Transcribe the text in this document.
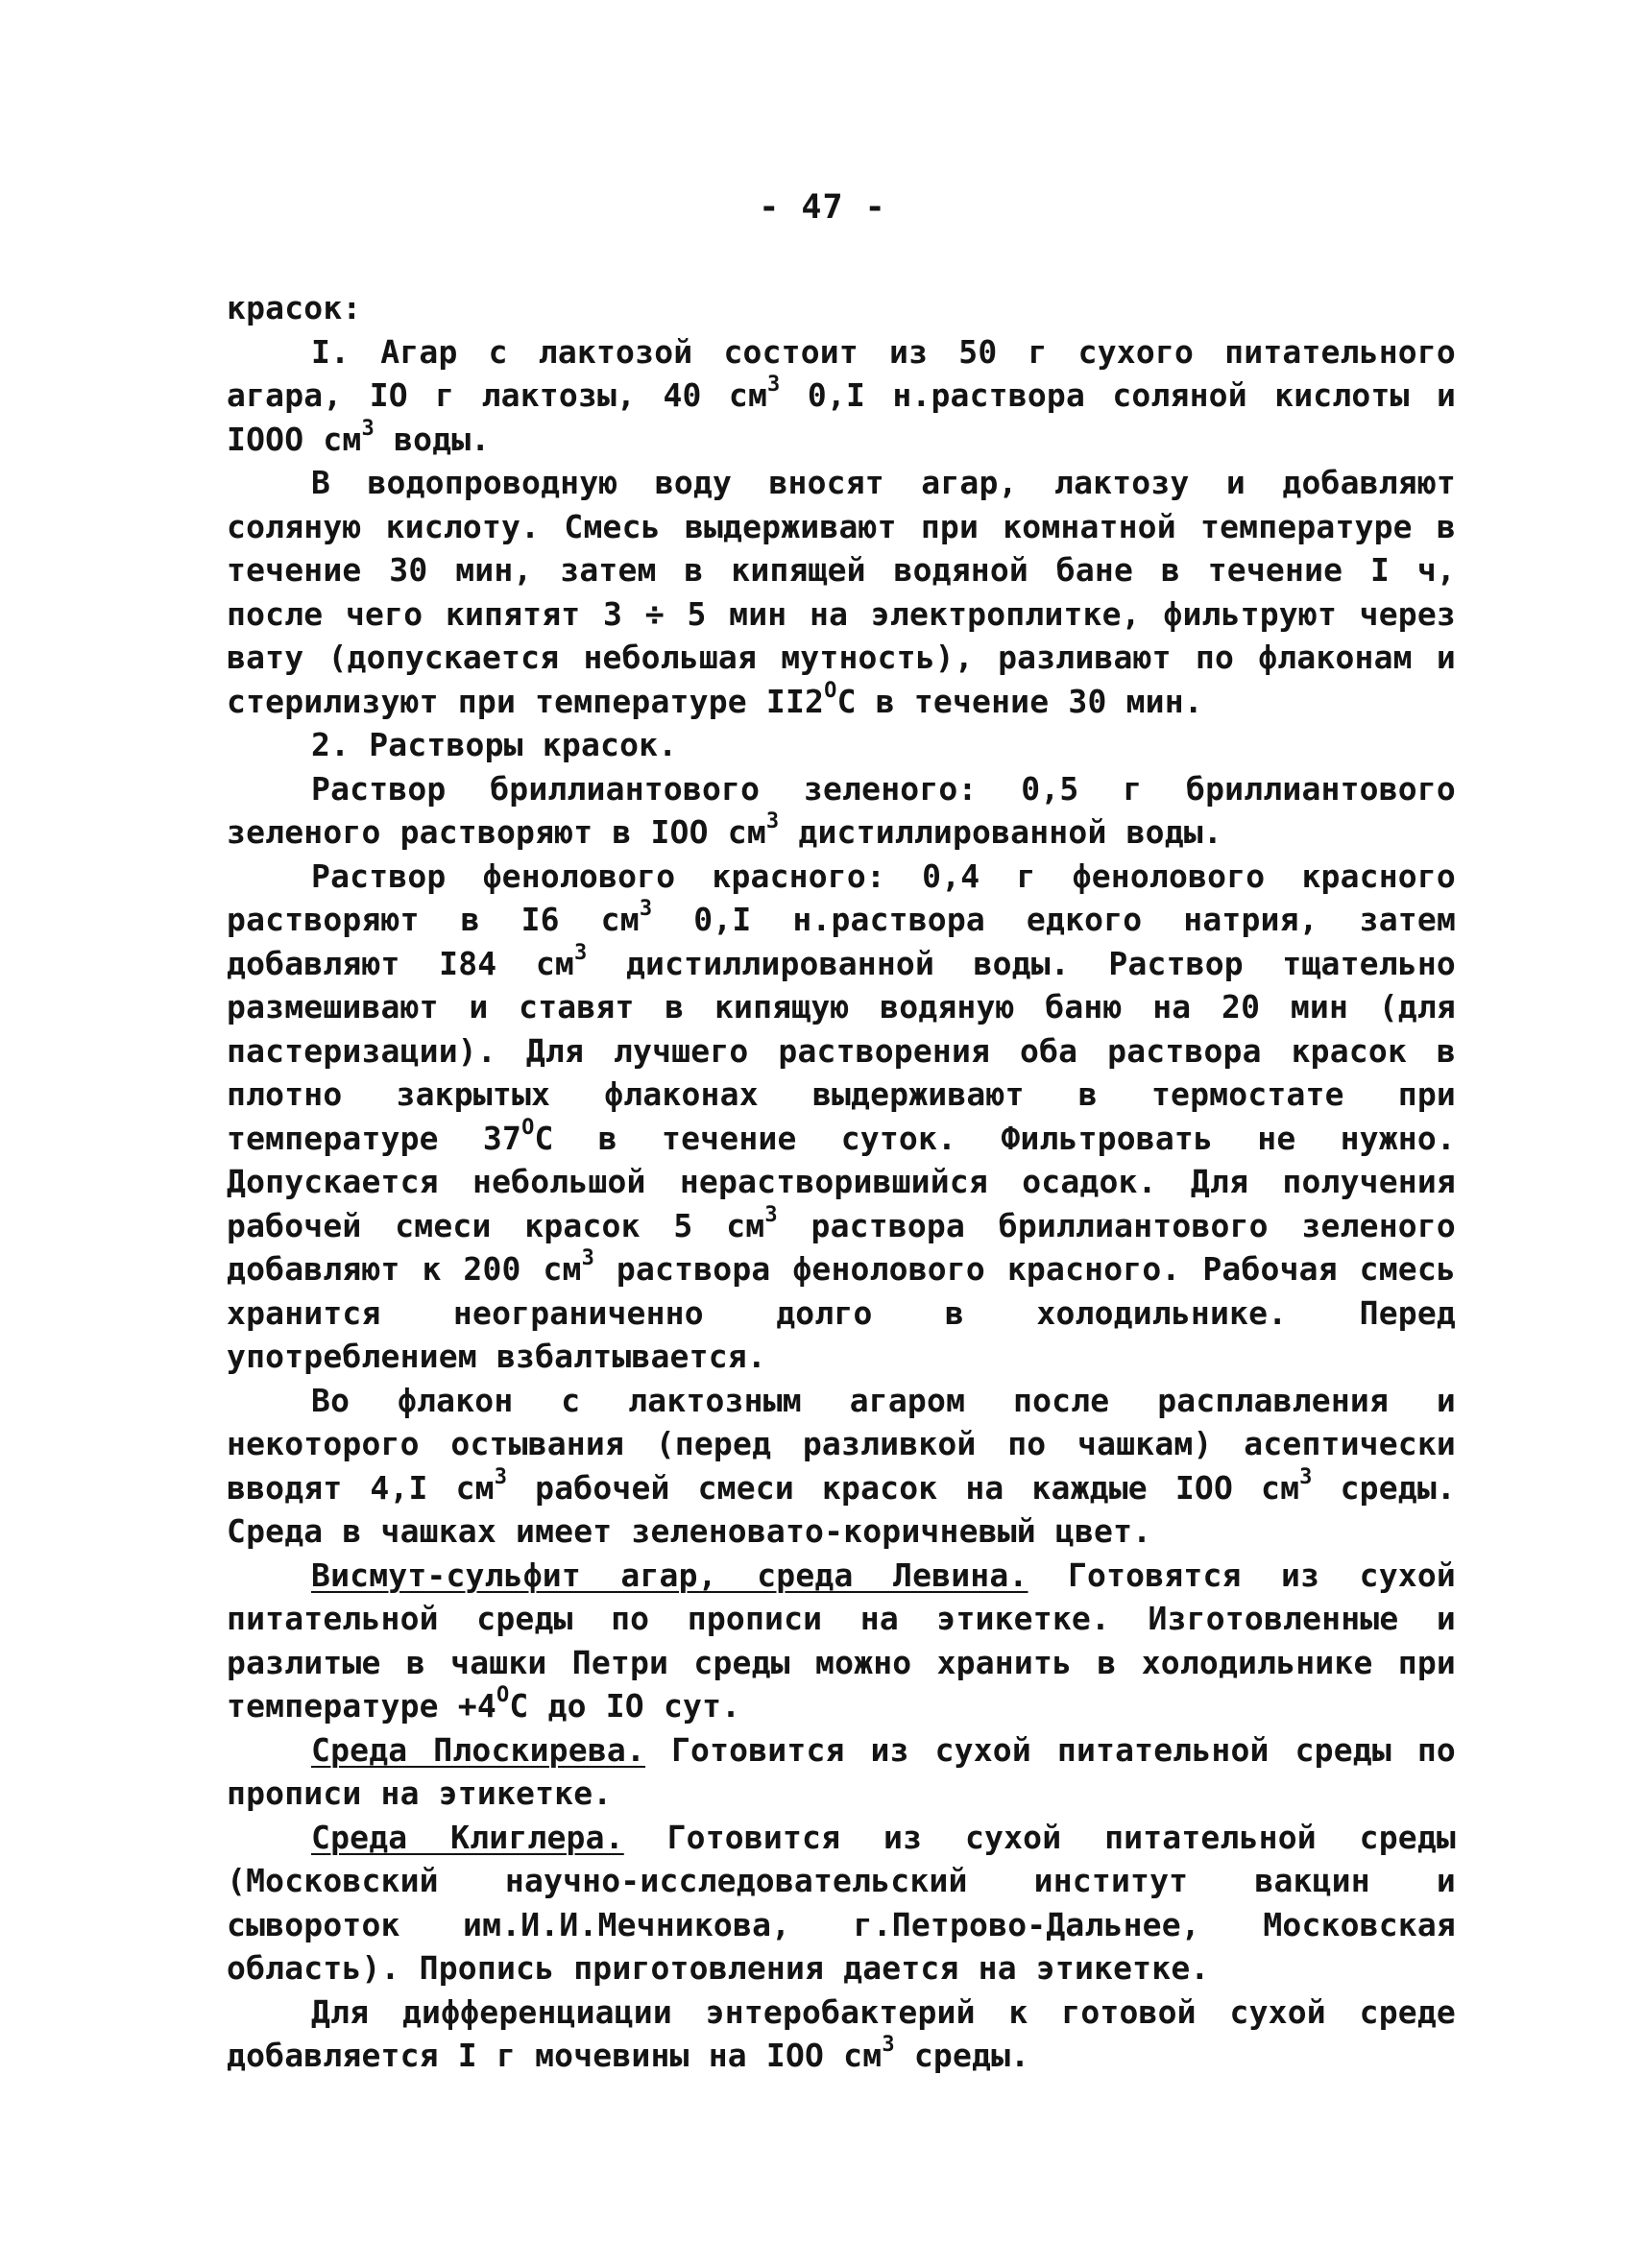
- 47 -

красок:

I. Агар с лактозой состоит из 50 г сухого питательного агара, IO г лактозы, 40 $см^3$ 0,I н.раствора соляной кислоты и IOOO $см^3$ воды.

В водопроводную воду вносят агар, лактозу и добавляют соляную кислоту. Смесь выдерживают при комнатной температуре в течение 30 мин, затем в кипящей водяной бане в течение I ч, после чего кипятят 3 ÷ 5 мин на электроплитке, фильтруют через вату (допускается небольшая мутность), разливают по флаконам и стерилизуют при температуре $II2^OС$ в течение 30 мин.

2. Растворы красок.

Раствор бриллиантового зеленого: 0,5 г бриллиантового зеленого растворяют в IOO $см^3$ дистиллированной воды.

Раствор фенолового красного: 0,4 г фенолового красного растворяют в I6 $см^3$ 0,I н.раствора едкого натрия, затем добавляют I84 $см^3$ дистиллированной воды. Раствор тщательно размешивают и ставят в кипящую водяную баню на 20 мин (для пастеризации). Для лучшего растворения оба раствора красок в плотно закрытых флаконах выдерживают в термостате при температуре $37^OС$ в течение суток. Фильтровать не нужно. Допускается небольшой нерастворившийся осадок. Для получения рабочей смеси красок 5 $см^3$ раствора бриллиантового зеленого добавляют к 200 $см^3$ раствора фенолового красного. Рабочая смесь хранится неограниченно долго в холодильнике. Перед употреблением взбалтывается.

Во флакон с лактозным агаром после расплавления и некоторого остывания (перед разливкой по чашкам) асептически вводят 4,I $см^3$ рабочей смеси красок на каждые IOO $см^3$ среды. Среда в чашках имеет зеленовато-коричневый цвет.

Висмут-сульфит агар, среда Левина. Готовятся из сухой питательной среды по прописи на этикетке. Изготовленные и разлитые в чашки Петри среды можно хранить в холодильнике при температуре $+4^OС$ до IO сут.

Среда Плоскирева. Готовится из сухой питательной среды по прописи на этикетке.

Среда Клиглера. Готовится из сухой питательной среды (Московский научно-исследовательский институт вакцин и сывороток им.И.И.Мечникова, г.Петрово-Дальнее, Московская область). Пропись приготовления дается на этикетке.

Для дифференциации энтеробактерий к готовой сухой среде добавляется I г мочевины на IOO $см^3$ среды.
